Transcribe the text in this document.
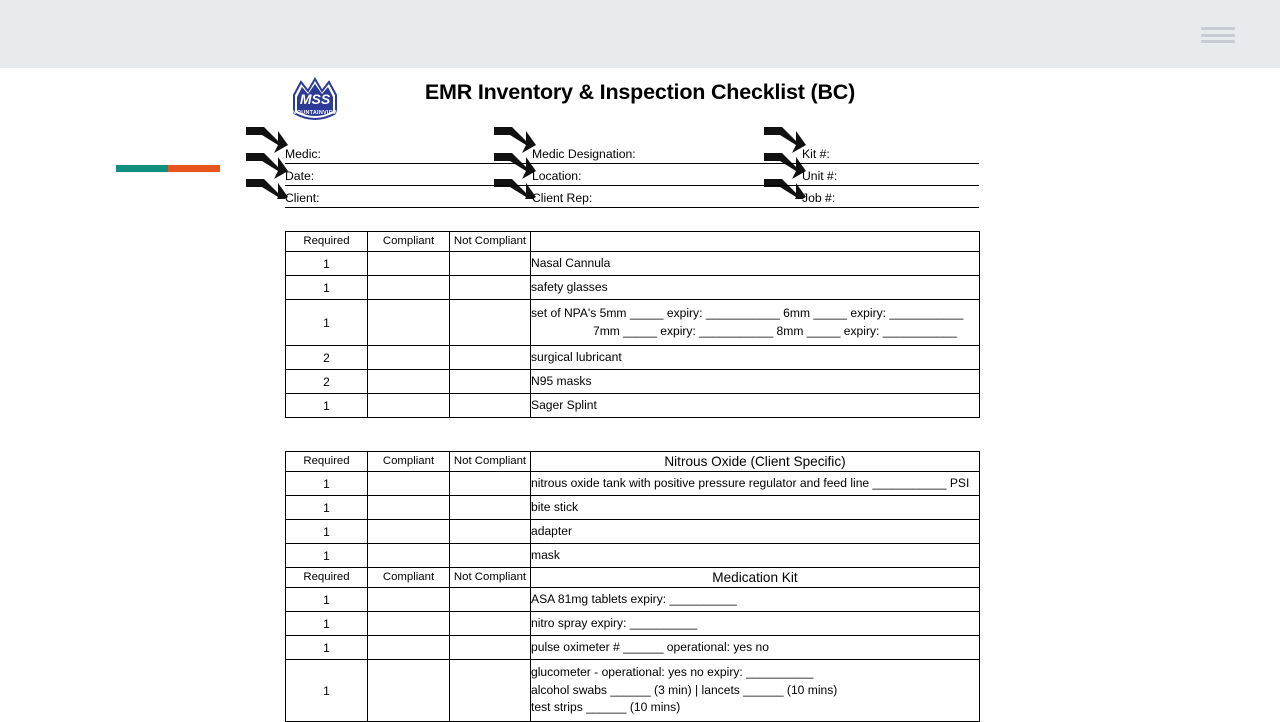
MSS
MOUNTAINVIEW
EMR Inventory & Inspection Checklist (BC)
Medic:	Medic Designation:	Kit #:
Date:	Location:	Unit #:
Client:	Client Rep:	Job #:
Required	Compliant	Not Compliant	
1			Nasal Cannula
1			safety glasses
1			set of NPA's 5mm _____ expiry: ___________ 6mm _____ expiry: ___________
7mm _____ expiry: ___________ 8mm _____ expiry: ___________

2			surgical lubricant
2			N95 masks
1			Sager Splint
Required	Compliant	Not Compliant	Nitrous Oxide (Client Specific)
1			nitrous oxide tank with positive pressure regulator and feed line ___________ PSI
1			bite stick
1			adapter
1			mask
Required	Compliant	Not Compliant	Medication Kit
1			ASA 81mg tablets expiry: __________
1			nitro spray expiry: __________
1			pulse oximeter # ______ operational: yes no
1			glucometer - operational: yes no expiry: __________
alcohol swabs ______ (3 min) | lancets ______ (10 mins)
test strips ______ (10 mins)
